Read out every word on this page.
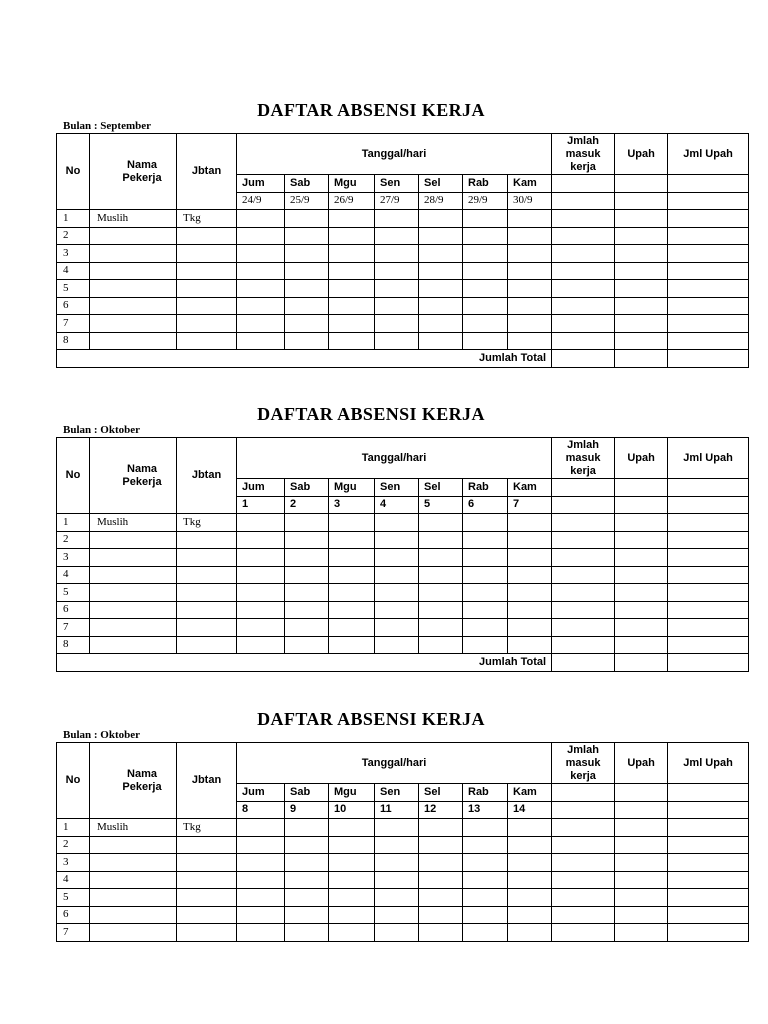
DAFTAR ABSENSI KERJA
Bulan : September
No	Nama Pekerja	Jbtan	Tanggal/hari							Jmlah masuk kerja	Upah	Jml Upah
			Jum	Sab	Mgu	Sen	Sel	Rab	Kam			
			24/9	25/9	26/9	27/9	28/9	29/9	30/9			
1	Muslih	Tkg										
2												
3												
4												
5												
6												
7												
8												
Jumlah Total												
DAFTAR ABSENSI KERJA
Bulan : Oktober
No	Nama Pekerja	Jbtan	Tanggal/hari							Jmlah masuk kerja	Upah	Jml Upah
			Jum	Sab	Mgu	Sen	Sel	Rab	Kam			
			1	2	3	4	5	6	7			
1	Muslih	Tkg										
2												
3												
4												
5												
6												
7												
8												
Jumlah Total												
DAFTAR ABSENSI KERJA
Bulan : Oktober
No	Nama Pekerja	Jbtan	Tanggal/hari							Jmlah masuk kerja	Upah	Jml Upah
			Jum	Sab	Mgu	Sen	Sel	Rab	Kam			
			8	9	10	11	12	13	14			
1	Muslih	Tkg										
2												
3												
4												
5												
6												
7												
